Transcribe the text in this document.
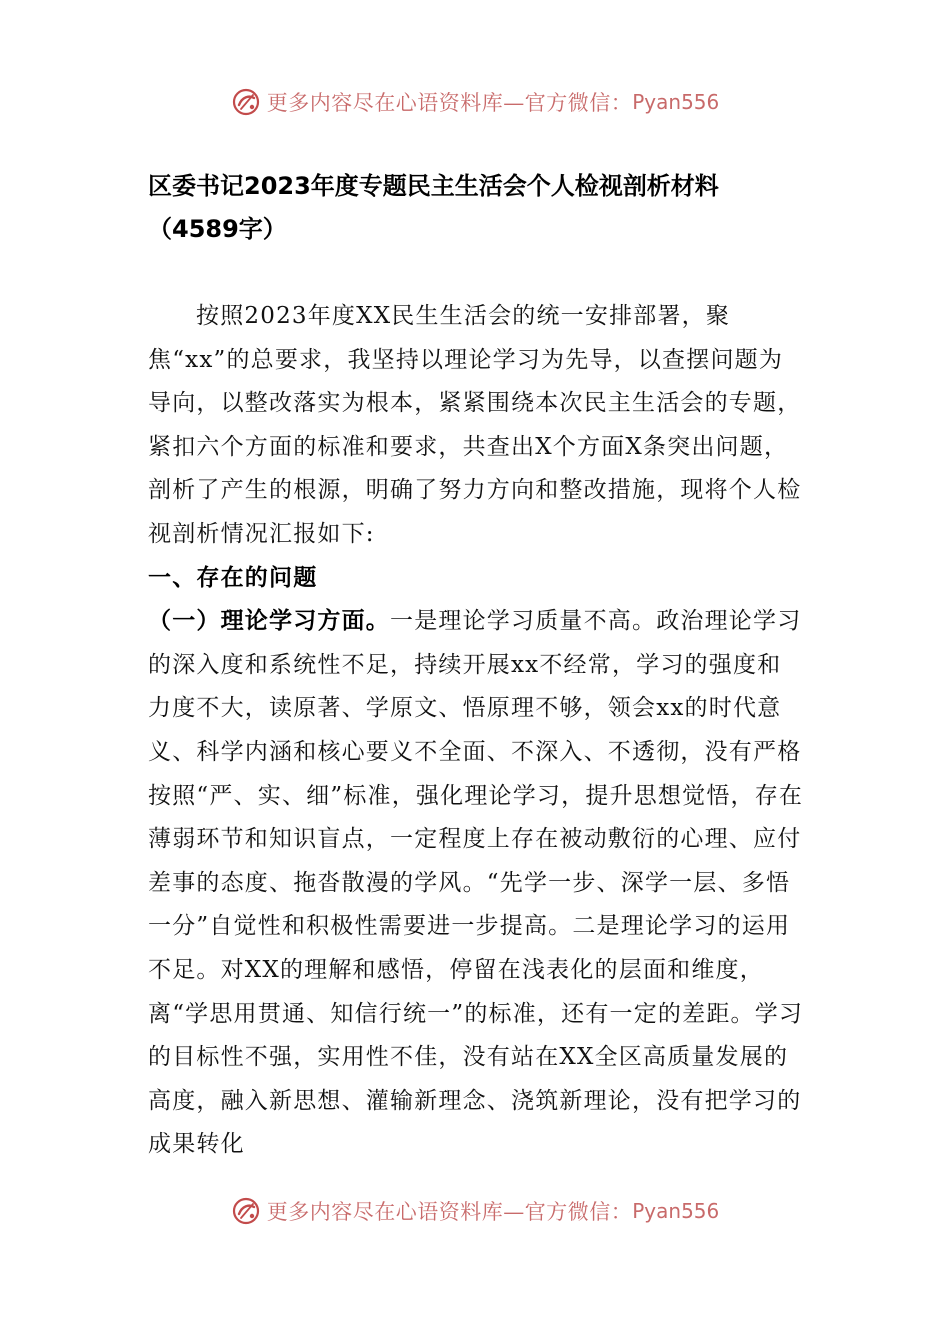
更多内容尽在心语资料库—官方微信： Pyan556
区委书记2023年度专题民主生活会个人检视剖析材料（4589字）

按照2023年度XX民生生活会的统一安排部署，聚焦“xx”的总要求，我坚持以理论学习为先导，以查摆问题为导向，以整改落实为根本，紧紧围绕本次民主生活会的专题，紧扣六个方面的标准和要求，共查出X个方面X条突出问题，剖析了产生的根源，明确了努力方向和整改措施，现将个人检视剖析情况汇报如下:

一、存在的问题

（一）理论学习方面。一是理论学习质量不高。政治理论学习的深入度和系统性不足，持续开展xx不经常，学习的强度和力度不大，读原著、学原文、悟原理不够，领会xx的时代意义、科学内涵和核心要义不全面、不深入、不透彻，没有严格按照“严、实、细”标准，强化理论学习，提升思想觉悟，存在薄弱环节和知识盲点，一定程度上存在被动敷衍的心理、应付差事的态度、拖沓散漫的学风。“先学一步、深学一层、多悟一分”自觉性和积极性需要进一步提高。二是理论学习的运用不足。对XX的理解和感悟，停留在浅表化的层面和维度，离“学思用贯通、知信行统一”的标准，还有一定的差距。学习的目标性不强，实用性不佳，没有站在XX全区高质量发展的高度，融入新思想、灌输新理念、浇筑新理论，没有把学习的成果转化

更多内容尽在心语资料库—官方微信： Pyan556
